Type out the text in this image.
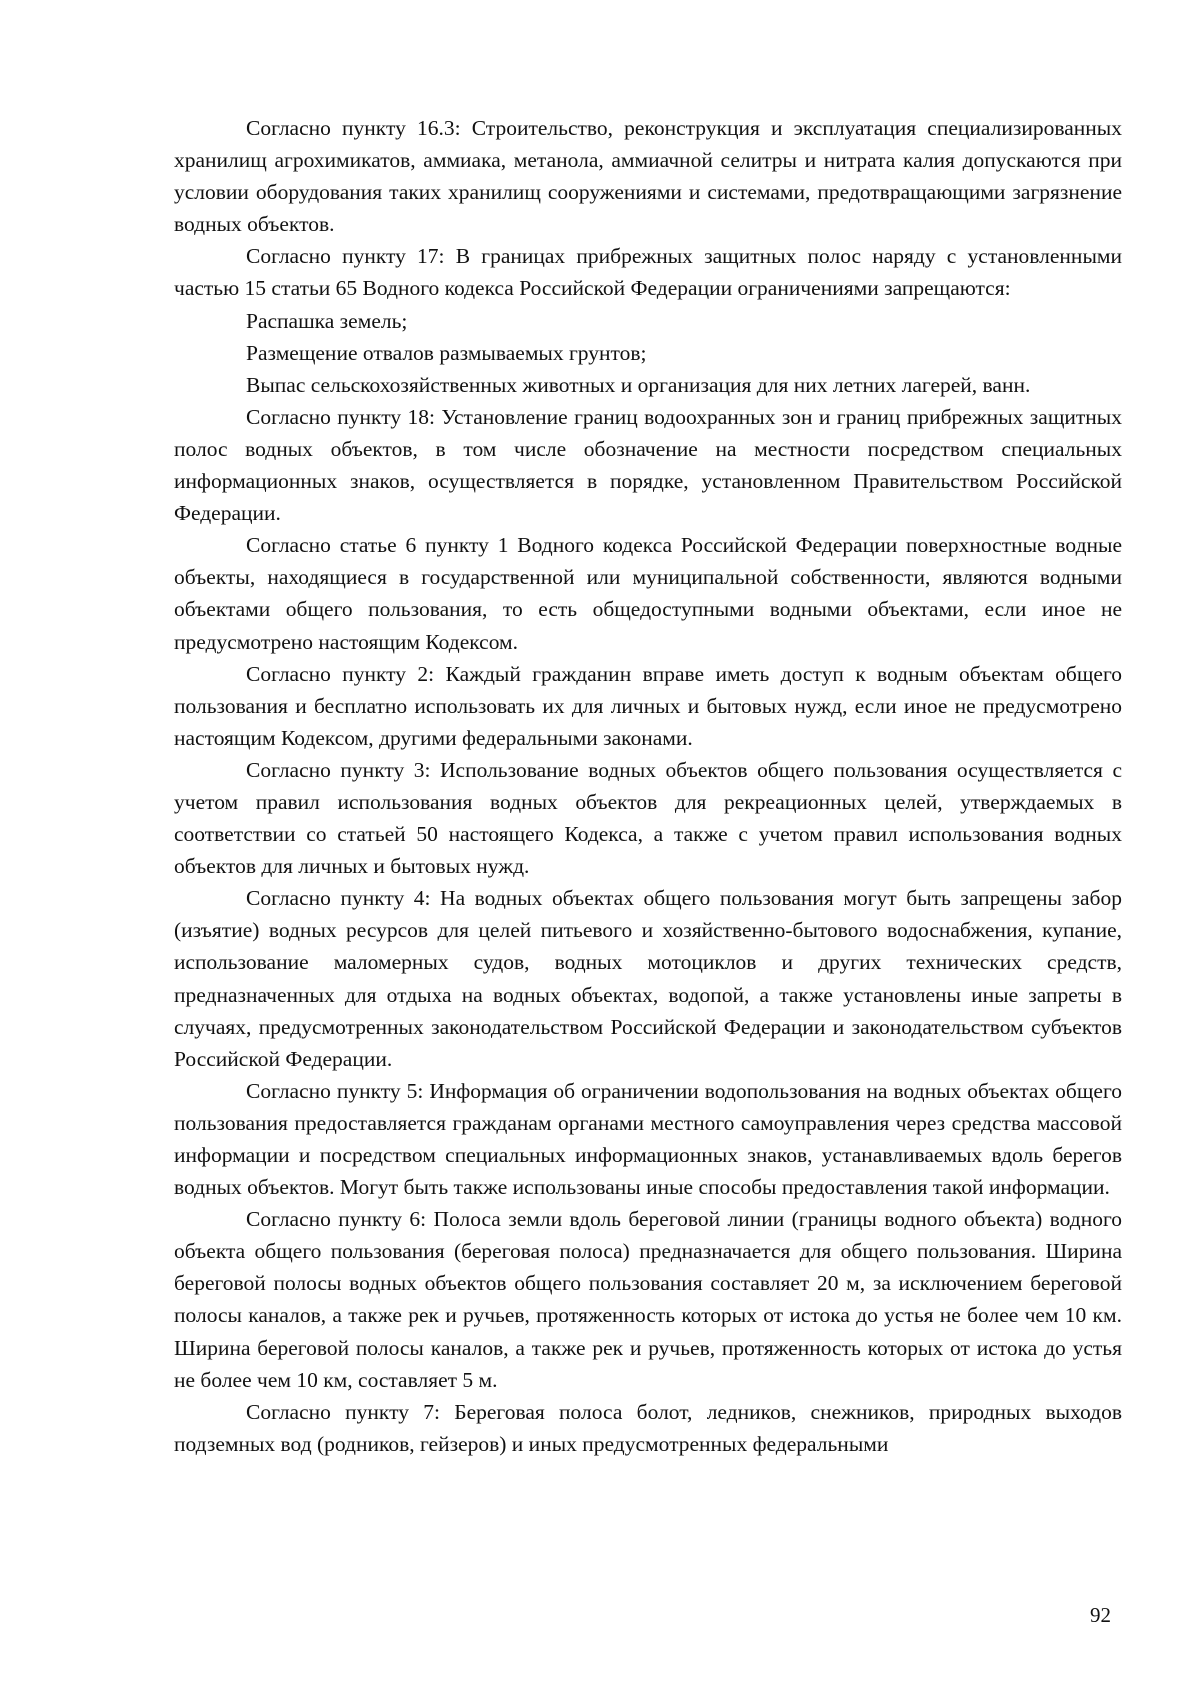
Согласно пункту 16.3: Строительство, реконструкция и эксплуатация специализированных хранилищ агрохимикатов, аммиака, метанола, аммиачной селитры и нитрата калия допускаются при условии оборудования таких хранилищ сооружениями и системами, предотвращающими загрязнение водных объектов.

Согласно пункту 17: В границах прибрежных защитных полос наряду с установленными частью 15 статьи 65 Водного кодекса Российской Федерации ограничениями запрещаются:

Распашка земель;

Размещение отвалов размываемых грунтов;

Выпас сельскохозяйственных животных и организация для них летних лагерей, ванн.

Согласно пункту 18: Установление границ водоохранных зон и границ прибрежных защитных полос водных объектов, в том числе обозначение на местности посредством специальных информационных знаков, осуществляется в порядке, установленном Правительством Российской Федерации.

Согласно статье 6 пункту 1 Водного кодекса Российской Федерации поверхностные водные объекты, находящиеся в государственной или муниципальной собственности, являются водными объектами общего пользования, то есть общедоступными водными объектами, если иное не предусмотрено настоящим Кодексом.

Согласно пункту 2: Каждый гражданин вправе иметь доступ к водным объектам общего пользования и бесплатно использовать их для личных и бытовых нужд, если иное не предусмотрено настоящим Кодексом, другими федеральными законами.

Согласно пункту 3: Использование водных объектов общего пользования осуществляется с учетом правил использования водных объектов для рекреационных целей, утверждаемых в соответствии со статьей 50 настоящего Кодекса, а также с учетом правил использования водных объектов для личных и бытовых нужд.

Согласно пункту 4: На водных объектах общего пользования могут быть запрещены забор (изъятие) водных ресурсов для целей питьевого и хозяйственно-бытового водоснабжения, купание, использование маломерных судов, водных мотоциклов и других технических средств, предназначенных для отдыха на водных объектах, водопой, а также установлены иные запреты в случаях, предусмотренных законодательством Российской Федерации и законодательством субъектов Российской Федерации.

Согласно пункту 5: Информация об ограничении водопользования на водных объектах общего пользования предоставляется гражданам органами местного самоуправления через средства массовой информации и посредством специальных информационных знаков, устанавливаемых вдоль берегов водных объектов. Могут быть также использованы иные способы предоставления такой информации.

Согласно пункту 6: Полоса земли вдоль береговой линии (границы водного объекта) водного объекта общего пользования (береговая полоса) предназначается для общего пользования. Ширина береговой полосы водных объектов общего пользования составляет 20 м, за исключением береговой полосы каналов, а также рек и ручьев, протяженность которых от истока до устья не более чем 10 км. Ширина береговой полосы каналов, а также рек и ручьев, протяженность которых от истока до устья не более чем 10 км, составляет 5 м.

Согласно пункту 7: Береговая полоса болот, ледников, снежников, природных выходов подземных вод (родников, гейзеров) и иных предусмотренных федеральными

92
